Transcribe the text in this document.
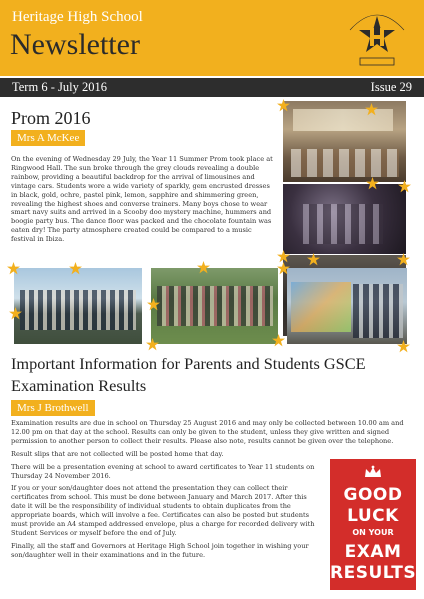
Heritage High School
Newsletter
Term 6 - July 2016	Issue 29
Prom 2016
Mrs A McKee
On the evening of Wednesday 29 July, the Year 11 Summer Prom took place at Ringwood Hall. The sun broke through the grey clouds revealing a double rainbow, providing a beautiful backdrop for the arrival of limousines and vintage cars. Students wore a wide variety of sparkly, gem encrusted dresses in black, gold, ochre, pastel pink, lemon, sapphire and shimmering green, revealing the highest shoes and converse trainers. Many boys chose to wear smart navy suits and arrived in a Scooby doo mystery machine, hummers and boogie party bus. The dance floor was packed and the chocolate fountain was eaten dry! The party atmosphere created could be compared to a music festival in Ibiza.
Important Information for Parents and Students GSCE Examination Results
Mrs J Brothwell

Examination results are due in school on Thursday 25 August 2016 and may only be collected between 10.00 am and 12.00 pm on that day at the school. Results can only be given to the student, unless they give written and signed permission to another person to collect their results. Please also note, results cannot be given over the telephone.

Result slips that are not collected will be posted home that day.

There will be a presentation evening at school to award certificates to Year 11 students on Thursday 24 November 2016.

If you or your son/daughter does not attend the presentation they can collect their certificates from school. This must be done between January and March 2017. After this date it will be the responsibility of individual students to obtain duplicates from the appropriate boards, which will involve a fee. Certificates can also be posted but students must provide an A4 stamped addressed envelope, plus a charge for recorded delivery with Student Services or myself before the end of July.

Finally, all the staff and Governors at Heritage High School join together in wishing your son/daughter well in their examinations and in the future.

GOOD
LUCK
ON YOUR
EXAM
RESULTS
